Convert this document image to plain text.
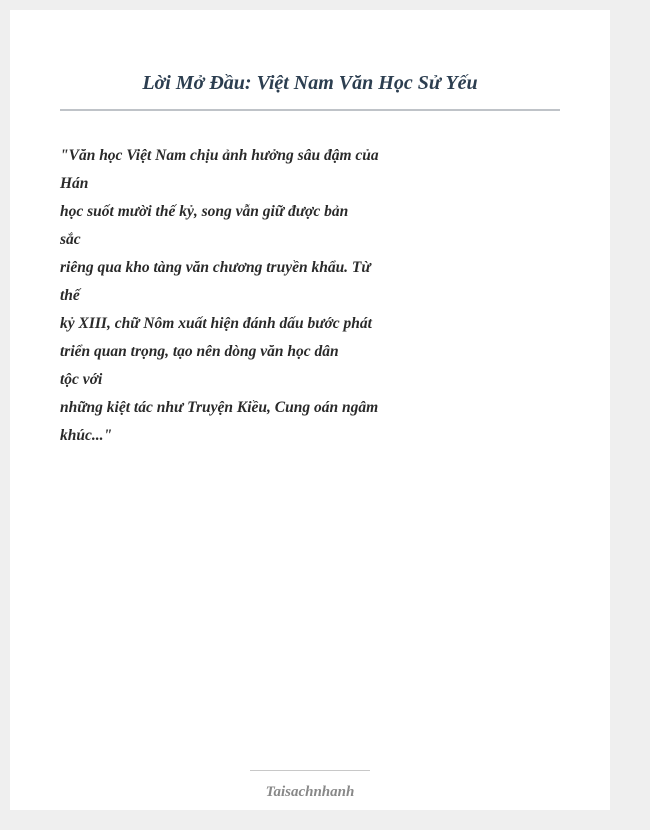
Lời Mở Đầu: Việt Nam Văn Học Sử Yếu
"Văn học Việt Nam chịu ảnh hưởng sâu đậm của
Hán
học suốt mười thế kỷ, song vẫn giữ được bản
sắc
riêng qua kho tàng văn chương truyền khẩu. Từ
thế
kỷ XIII, chữ Nôm xuất hiện đánh dấu bước phát
triển quan trọng, tạo nên dòng văn học dân
tộc với
những kiệt tác như Truyện Kiều, Cung oán ngâm
khúc..."
Taisachnhanh
